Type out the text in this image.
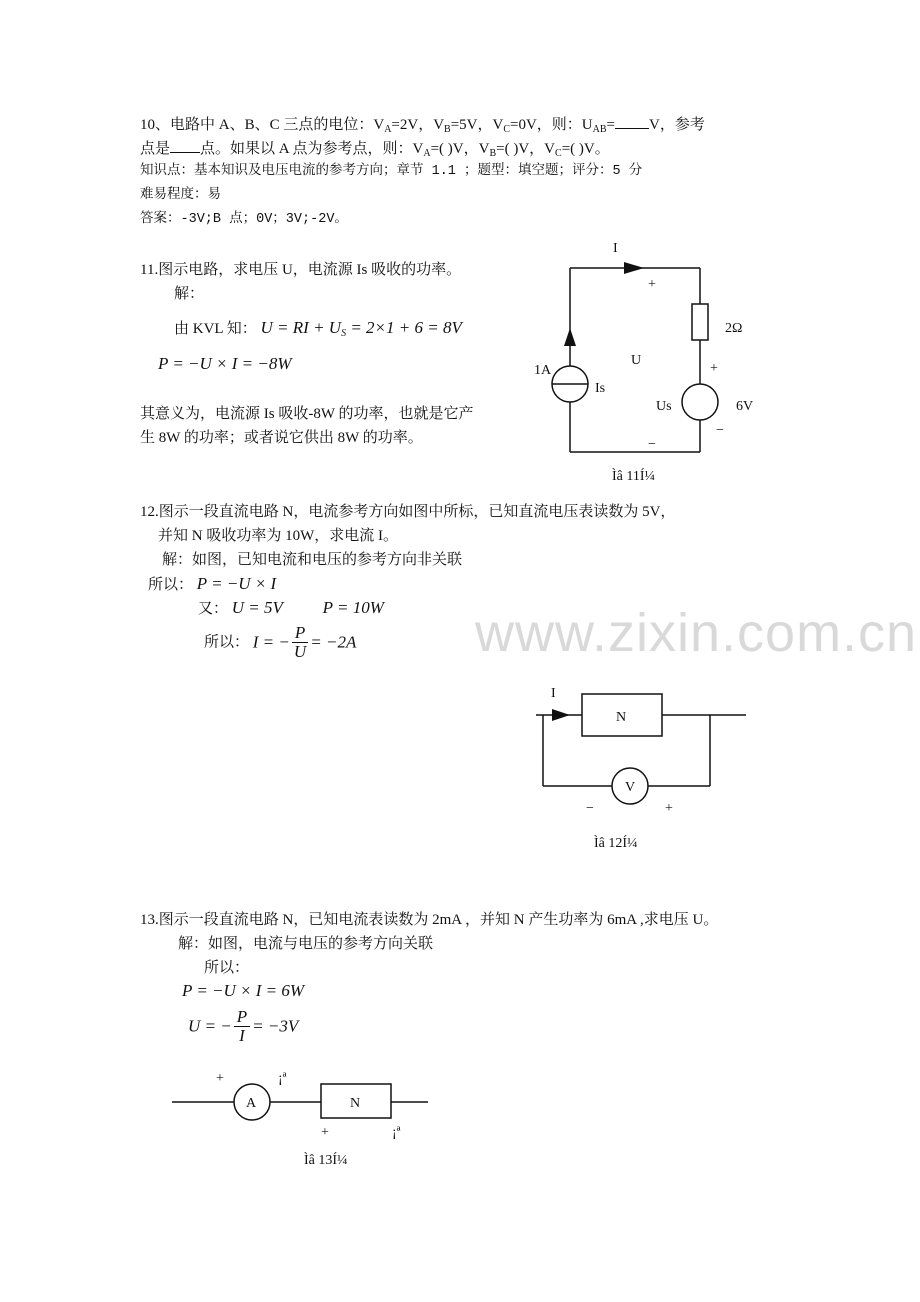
www.zixin.com.cn
10、电路中 A、B、C 三点的电位：$V_A=2V$，$V_B=5V$，$V_C=0V$，则：$U_{AB}= V$，参考
点是 点。如果以 A 点为参考点，则：$V_A=$( )V，$V_B=$( )V，$V_C=$( )V。
知识点：基本知识及电压电流的参考方向；章节 1.1 ；题型：填空题；评分：5 分
难易程度：易
答案：-3V;B 点；0V；3V;-2V。
11.图示电路，求电压 U，电流源 Is 吸收的功率。
解：
由 KVL 知： U = RI + $U_S = 2\times 1 + 6 = 8V$
P = −U × I = −8W
其意义为，电流源 Is 吸收-8W 的功率，也就是它产
生 8W 的功率；或者说它供出 8W 的功率。
I
+
2Ω
1A
Is
U
+
Us	6V
−
−
Ìâ 11Í¼
12.图示一段直流电路 N，电流参考方向如图中所标，已知直流电压表读数为 5V，
并知 N 吸收功率为 10W，求电流 I。
解：如图，已知电流和电压的参考方向非关联
所以： P = −U × I
又： U = 5V P = 10W
所以： I = − $\frac{P}{U} = -2A$
I
N
V
−	+
Ìâ 12Í¼
13.图示一段直流电路 N，已知电流表读数为 2mA ，并知 N 产生功率为 6mA ,求电压 U。
解：如图，电流与电压的参考方向关联
所以：
P = −U × I = 6W
U = − $\frac{P}{I} = -3V$
+	¡ª
A	N
+	¡ª
Ìâ 13Í¼
